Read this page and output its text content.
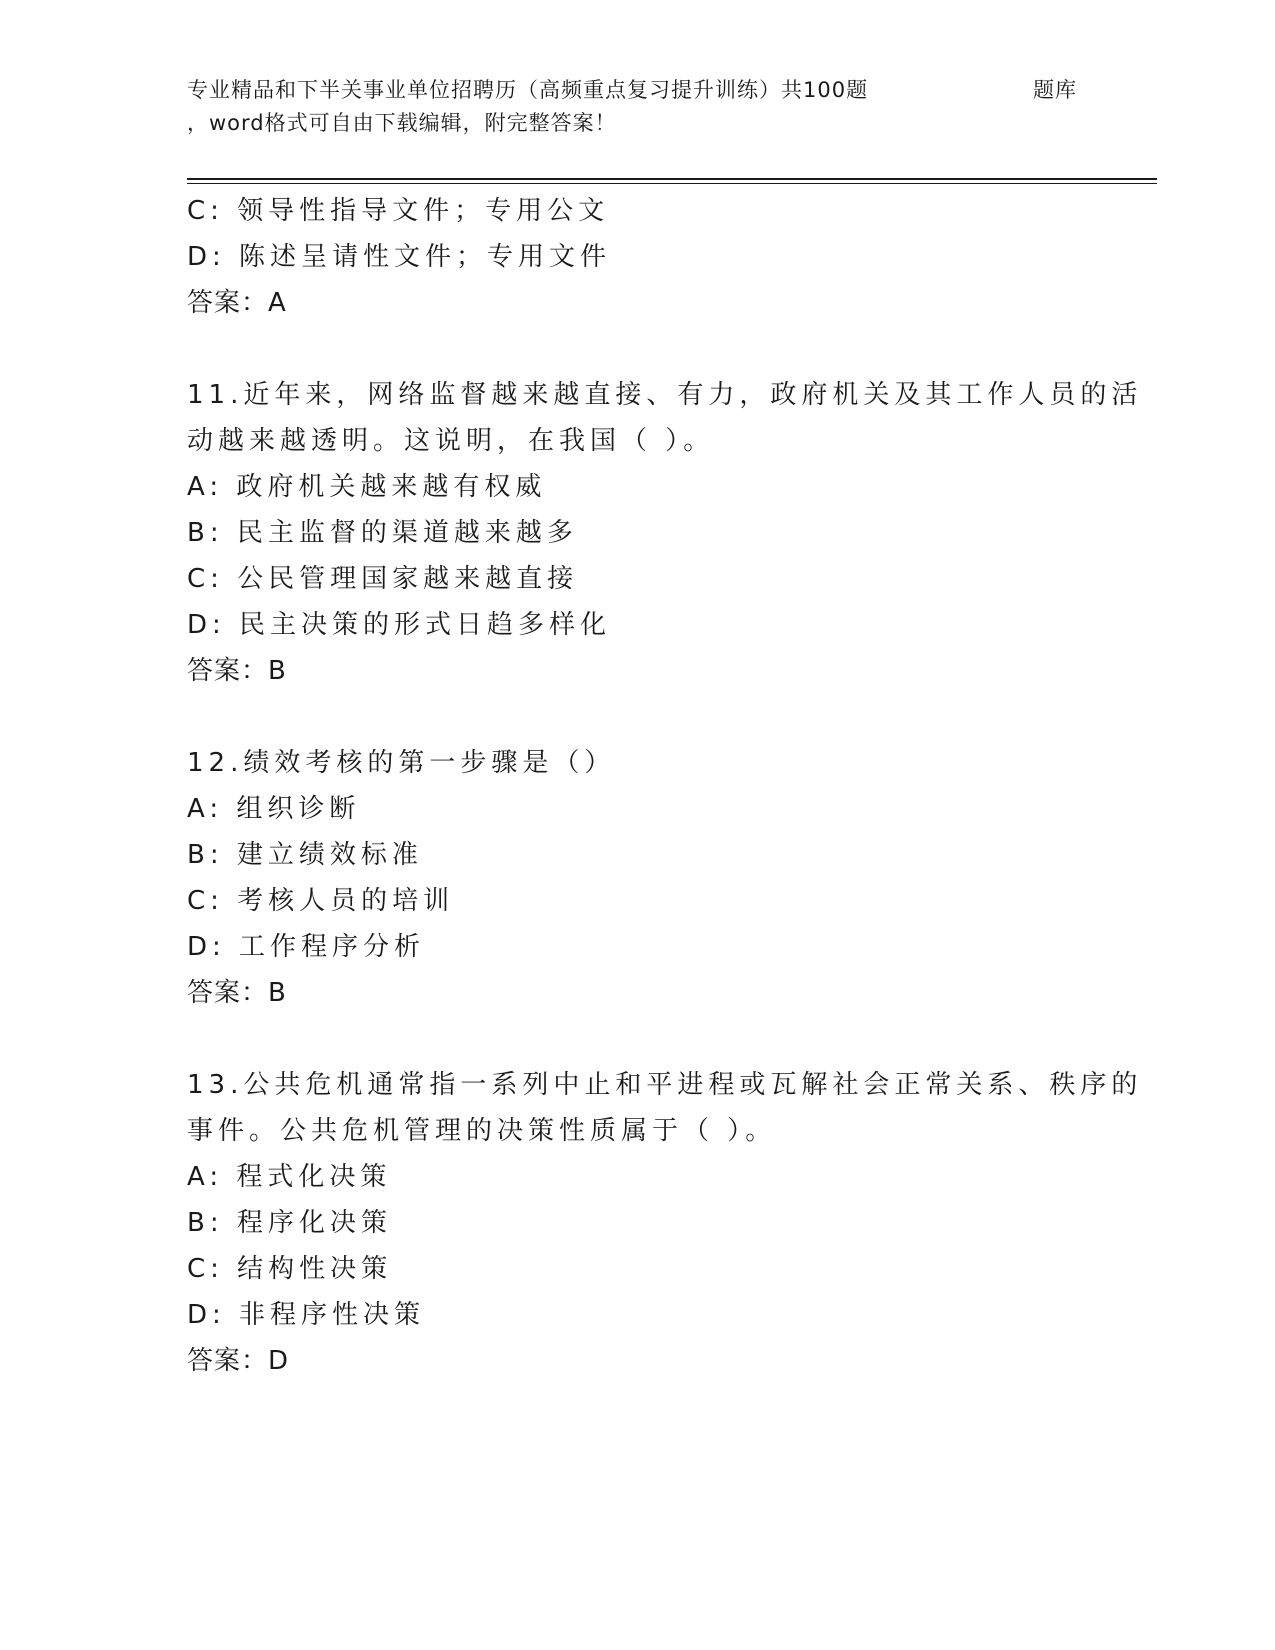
专业精品和下半关事业单位招聘历（高频重点复习提升训练）共100题	题库
，word格式可自由下载编辑，附完整答案！
C: 领导性指导文件；专用公文
D: 陈述呈请性文件；专用文件
答案：A
11.近年来，网络监督越来越直接、有力，政府机关及其工作人员的活
动越来越透明。这说明，在我国（ ）。
A: 政府机关越来越有权威
B: 民主监督的渠道越来越多
C: 公民管理国家越来越直接
D: 民主决策的形式日趋多样化
答案：B
12.绩效考核的第一步骤是（）
A: 组织诊断
B: 建立绩效标准
C: 考核人员的培训
D: 工作程序分析
答案：B
13.公共危机通常指一系列中止和平进程或瓦解社会正常关系、秩序的
事件。公共危机管理的决策性质属于（ ）。
A: 程式化决策
B: 程序化决策
C: 结构性决策
D: 非程序性决策
答案：D
